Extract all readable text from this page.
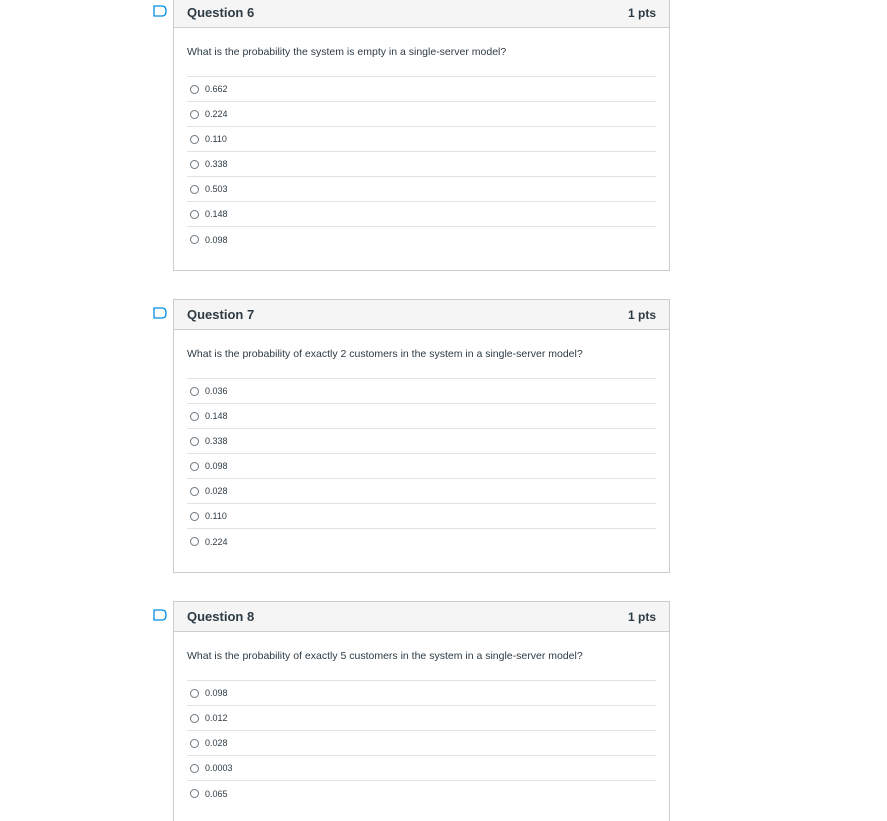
Question 6	1 pts
What is the probability the system is empty in a single-server model?
0.662
0.224
0.110
0.338
0.503
0.148
0.098
Question 7	1 pts
What is the probability of exactly 2 customers in the system in a single-server model?
0.036
0.148
0.338
0.098
0.028
0.110
0.224
Question 8	1 pts
What is the probability of exactly 5 customers in the system in a single-server model?
0.098
0.012
0.028
0.0003
0.065
